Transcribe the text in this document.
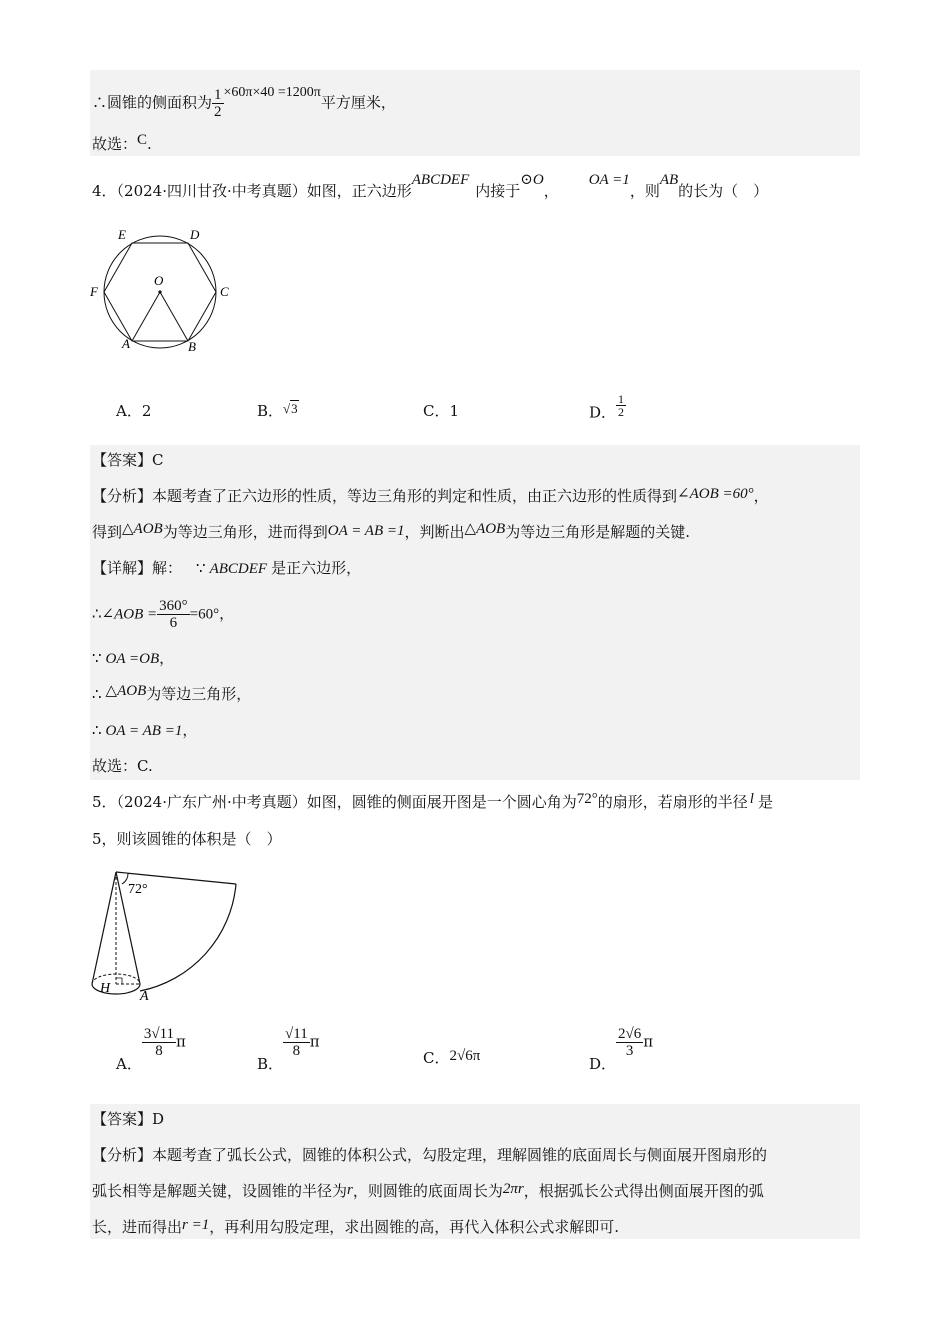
∴圆锥的侧面积为 $\frac{1}{2} \times 60\pi\times 40 =1200\pi$平方厘米，
故选：C.
4．（2024·四川甘孜·中考真题）如图，正六边形ABCDEF内接于⊙O，OA =1，则AB的长为（　）
E	D
F	C
O
A	B
A．2	B．√3	C．1	D． $\frac{1}{2}$
【答案】C
【分析】本题考查了正六边形的性质，等边三角形的判定和性质，由正六边形的性质得到∠AOB =60°，
得到△AOB为等边三角形，进而得到OA = AB =1，判断出△AOB为等边三角形是解题的关键.
【详解】解： ∵ ABCDEF 是正六边形，
∴∠AOB = $\frac{360^\circ}{6} =60^\circ$，
∵ OA =OB，
∴ △AOB为等边三角形，
∴ OA = AB =1，
故选：C.
5．（2024·广东广州·中考真题）如图，圆锥的侧面展开图是一个圆心角为72°的扇形，若扇形的半径 l 是
5，则该圆锥的体积是（　）
72°
H
A
A．
$\frac{3√11}{8}$ π
B．
$\frac{√11}{8}$ π
C．2√6π	D．
$\frac{2√6}{3}$ π
【答案】D
【分析】本题考查了弧长公式，圆锥的体积公式，勾股定理，理解圆锥的底面周长与侧面展开图扇形的
弧长相等是解题关键，设圆锥的半径为r，则圆锥的底面周长为2πr，根据弧长公式得出侧面展开图的弧
长，进而得出r =1，再利用勾股定理，求出圆锥的高，再代入体积公式求解即可.
